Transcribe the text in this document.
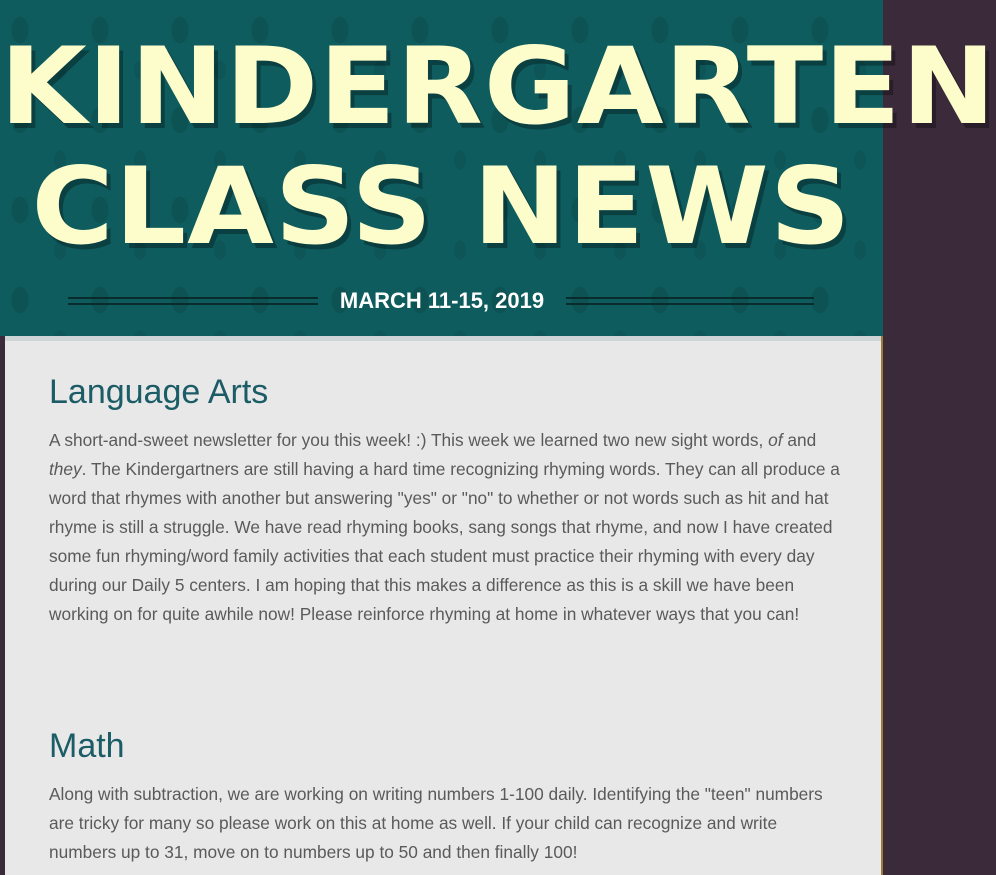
KINDERGARTEN
CLASS NEWS
MARCH 11-15, 2019
Language Arts

A short-and-sweet newsletter for you this week! :) This week we learned two new sight words, of and they. The Kindergartners are still having a hard time recognizing rhyming words. They can all produce a word that rhymes with another but answering "yes" or "no" to whether or not words such as hit and hat rhyme is still a struggle. We have read rhyming books, sang songs that rhyme, and now I have created some fun rhyming/word family activities that each student must practice their rhyming with every day during our Daily 5 centers. I am hoping that this makes a difference as this is a skill we have been working on for quite awhile now! Please reinforce rhyming at home in whatever ways that you can!

Math

Along with subtraction, we are working on writing numbers 1-100 daily. Identifying the "teen" numbers are tricky for many so please work on this at home as well. If your child can recognize and write numbers up to 31, move on to numbers up to 50 and then finally 100!
